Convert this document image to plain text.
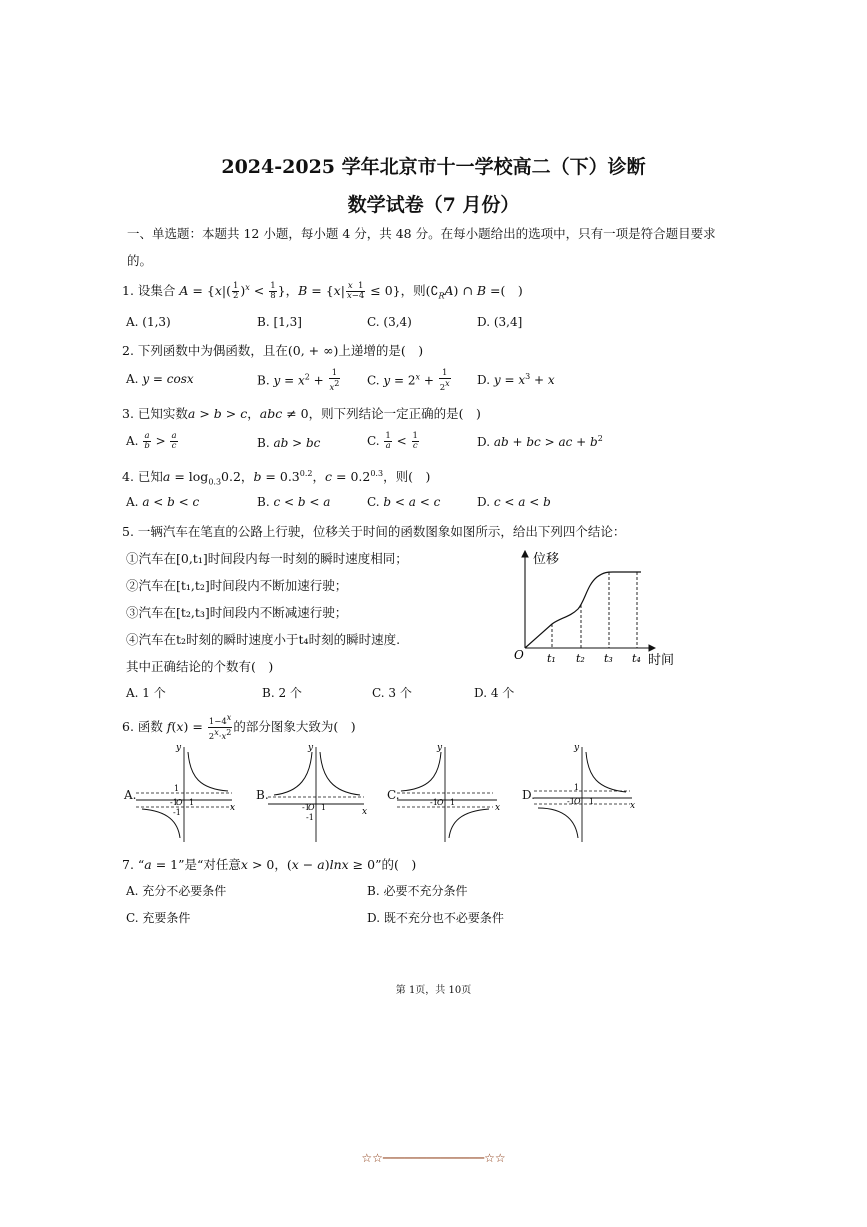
2024-2025 学年北京市十一学校高二（下）诊断
数学试卷（7 月份）
一、单选题：本题共 12 小题，每小题 4 分，共 48 分。在每小题给出的选项中，只有一项是符合题目要求
的。
1. 设集合 $A = \{x|( \frac{1}{2} )^x < \frac{1}{8}$ }，$B = \{x| \frac{x 1}{x-4} \le 0\}$，则$(∁_RA)$ ∩ B =(　)
A. (1,3)	B. [1,3]	C. (3,4)	D. (3,4]
2. 下列函数中为偶函数，且在(0, + ∞)上递增的是(　)
A. y = cosx	B. $y = x^2 + \frac{1}{x^2} C$. $y = 2^x + \frac{1}{2^x} D$. $y = x^3 + x$
3. 已知实数a > b > c，abc ≠ 0，则下列结论一定正确的是(　)
A. $\frac{a}{b} > \frac{a}{c}$	B. ab > bc	C. $\frac{1}{a} < \frac{1}{c}$	D. ab + bc > ac + $b^2$
4. 已知$a = \log_{0.3}0.2$，$b = 0.3^{0.2}$，$c = 0.2^{0.3}$，则(　)
A. a < b < c	B. c < b < a	C. b < a < c	D. c < a < b
5. 一辆汽车在笔直的公路上行驶，位移关于时间的函数图象如图所示，给出下列四个结论：
①汽车在[0,t₁]时间段内每一时刻的瞬时速度相同；
②汽车在[t₁,t₂]时间段内不断加速行驶；
③汽车在[t₂,t₃]时间段内不断减速行驶；
④汽车在t₂时刻的瞬时速度小于t₄时刻的瞬时速度.
其中正确结论的个数有(　)
A. 1 个	B. 2 个	C. 3 个	D. 4 个
位移
O t₁ t₂ t₃ t₄ 时间
6. 函数 $f(x) = \frac{1-4^x}{2^x\cdot x^2}$ 的部分图象大致为(　)
A.
y
x
1
-1
O 1
-1
B.
y
x
-1
O 1
-1
C.
y
x
-1 O 1
D.
y
x
1
-1 O 1
7. “a = 1”是“对任意x > 0，(x − a)lnx ≥ 0”的(　)
A. 充分不必要条件	B. 必要不充分条件
C. 充要条件	D. 既不充分也不必要条件
第 1页，共 10页
☆☆──────────────☆☆
